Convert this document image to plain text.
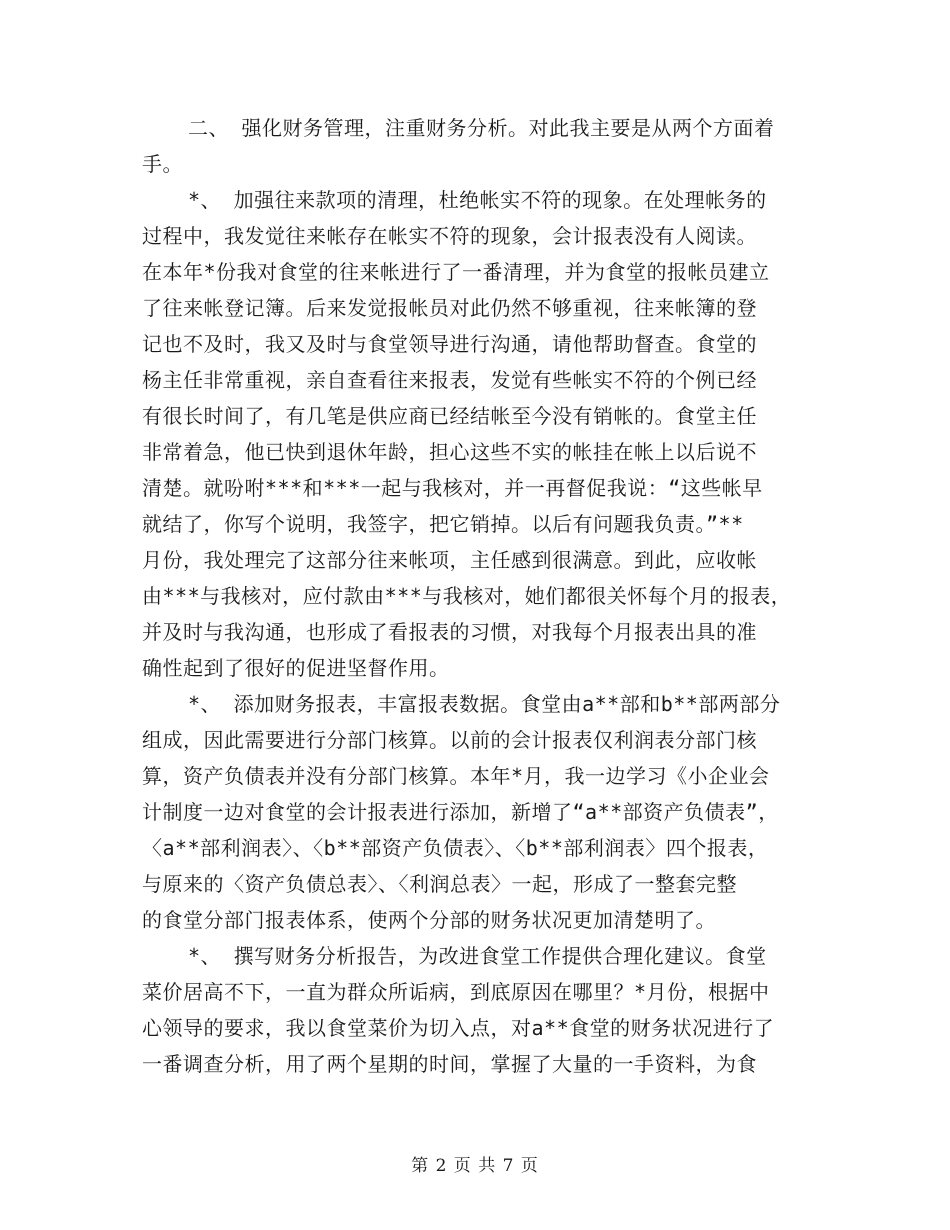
二、 强化财务管理，注重财务分析。对此我主要是从两个方面着
手。
*、 加强往来款项的清理，杜绝帐实不符的现象。在处理帐务的
过程中，我发觉往来帐存在帐实不符的现象，会计报表没有人阅读。
在本年*份我对食堂的往来帐进行了一番清理，并为食堂的报帐员建立
了往来帐登记簿。后来发觉报帐员对此仍然不够重视，往来帐簿的登
记也不及时，我又及时与食堂领导进行沟通，请他帮助督查。食堂的
杨主任非常重视，亲自查看往来报表，发觉有些帐实不符的个例已经
有很长时间了，有几笔是供应商已经结帐至今没有销帐的。食堂主任
非常着急，他已快到退休年龄，担心这些不实的帐挂在帐上以后说不
清楚。就吩咐***和***一起与我核对，并一再督促我说：“这些帐早
就结了，你写个说明，我签字，把它销掉。以后有问题我负责。”**
月份，我处理完了这部分往来帐项，主任感到很满意。到此，应收帐
由***与我核对，应付款由***与我核对，她们都很关怀每个月的报表，
并及时与我沟通，也形成了看报表的习惯，对我每个月报表出具的准
确性起到了很好的促进坚督作用。
*、 添加财务报表，丰富报表数据。食堂由a**部和b**部两部分
组成，因此需要进行分部门核算。以前的会计报表仅利润表分部门核
算，资产负债表并没有分部门核算。本年*月，我一边学习《小企业会
计制度一边对食堂的会计报表进行添加，新增了“a**部资产负债表”，
〈a**部利润表〉、〈b**部资产负债表〉、〈b**部利润表〉四个报表，
与原来的〈资产负债总表〉、〈利润总表〉一起，形成了一整套完整
的食堂分部门报表体系，使两个分部的财务状况更加清楚明了。
*、 撰写财务分析报告，为改进食堂工作提供合理化建议。食堂
菜价居高不下，一直为群众所诟病，到底原因在哪里？*月份，根据中
心领导的要求，我以食堂菜价为切入点，对a**食堂的财务状况进行了
一番调查分析，用了两个星期的时间，掌握了大量的一手资料，为食
第 2 页 共 7 页
